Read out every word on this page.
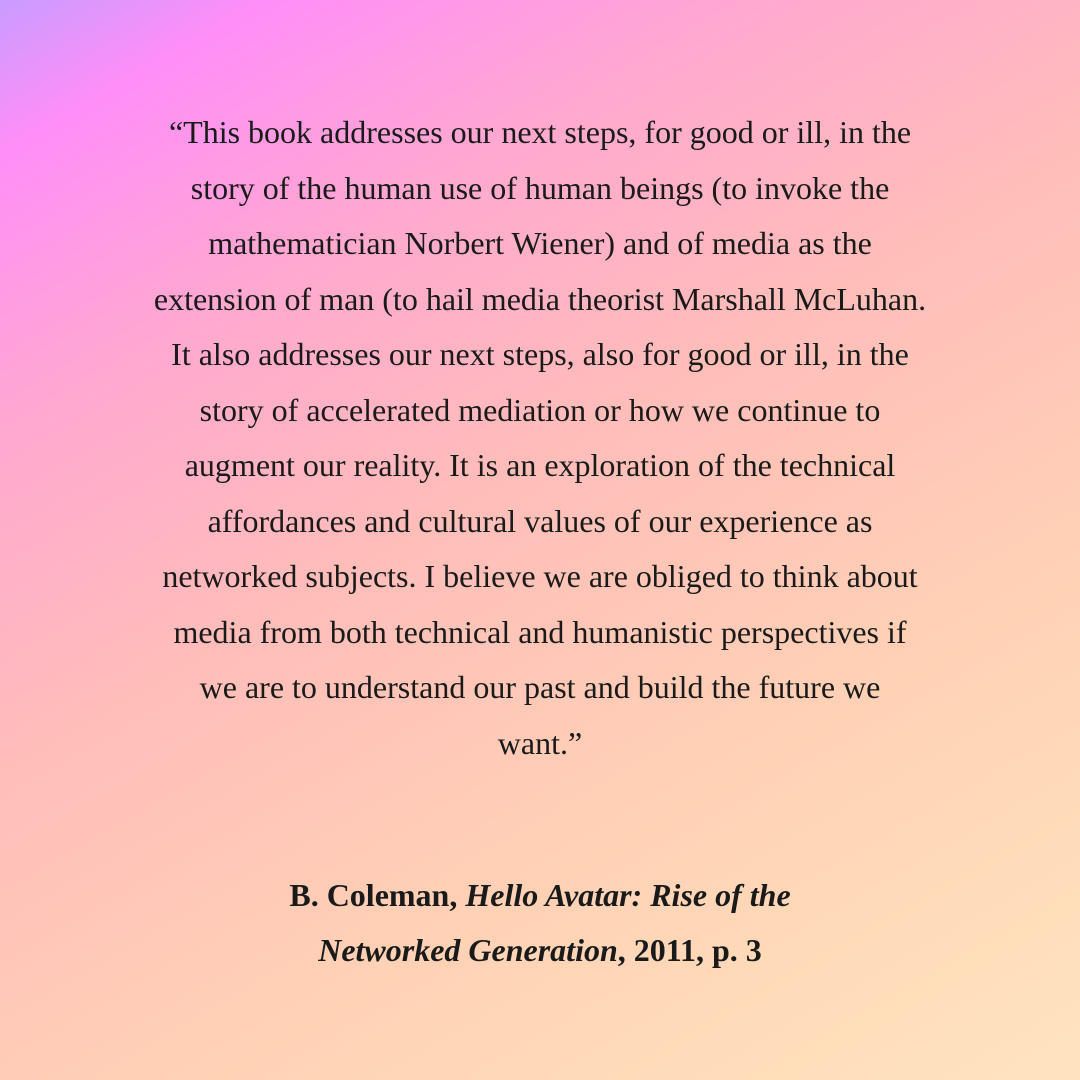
“This book addresses our next steps, for good or ill, in the
story of the human use of human beings (to invoke the
mathematician Norbert Wiener) and of media as the
extension of man (to hail media theorist Marshall McLuhan.
It also addresses our next steps, also for good or ill, in the
story of accelerated mediation or how we continue to
augment our reality. It is an exploration of the technical
affordances and cultural values of our experience as
networked subjects. I believe we are obliged to think about
media from both technical and humanistic perspectives if
we are to understand our past and build the future we
want.”

B. Coleman, Hello Avatar: Rise of the
Networked Generation, 2011, p. 3
